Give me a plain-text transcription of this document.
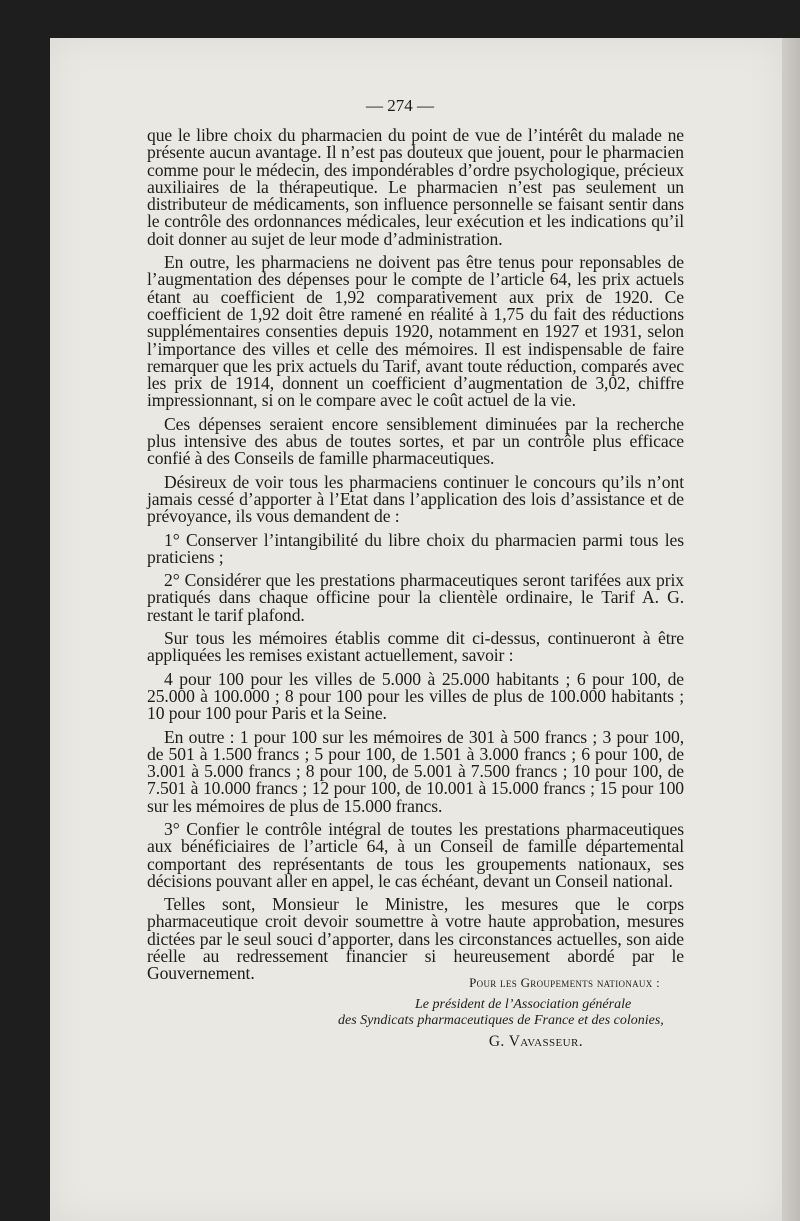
— 274 —

que le libre choix du pharmacien du point de vue de l’intérêt du malade ne présente aucun avantage. Il n’est pas douteux que jouent, pour le pharmacien comme pour le médecin, des impondérables d’ordre psychologique, précieux auxiliaires de la thérapeutique. Le pharmacien n’est pas seulement un distributeur de médicaments, son influence personnelle se faisant sentir dans le contrôle des ordonnances médicales, leur exécution et les indications qu’il doit donner au sujet de leur mode d’administration.

En outre, les pharmaciens ne doivent pas être tenus pour reponsables de l’augmentation des dépenses pour le compte de l’article 64, les prix actuels étant au coefficient de 1,92 comparativement aux prix de 1920. Ce coefficient de 1,92 doit être ramené en réalité à 1,75 du fait des réductions supplémentaires consenties depuis 1920, notamment en 1927 et 1931, selon l’importance des villes et celle des mémoires. Il est indispensable de faire remarquer que les prix actuels du Tarif, avant toute réduction, comparés avec les prix de 1914, donnent un coefficient d’augmentation de 3,02, chiffre impressionnant, si on le compare avec le coût actuel de la vie.

Ces dépenses seraient encore sensiblement diminuées par la recherche plus intensive des abus de toutes sortes, et par un contrôle plus efficace confié à des Conseils de famille pharmaceutiques.

Désireux de voir tous les pharmaciens continuer le concours qu’ils n’ont jamais cessé d’apporter à l’Etat dans l’application des lois d’assistance et de prévoyance, ils vous demandent de :

1° Conserver l’intangibilité du libre choix du pharmacien parmi tous les praticiens ;

2° Considérer que les prestations pharmaceutiques seront tarifées aux prix pratiqués dans chaque officine pour la clientèle ordinaire, le Tarif A. G. restant le tarif plafond.

Sur tous les mémoires établis comme dit ci-dessus, continueront à être appliquées les remises existant actuellement, savoir :

4 pour 100 pour les villes de 5.000 à 25.000 habitants ; 6 pour 100, de 25.000 à 100.000 ; 8 pour 100 pour les villes de plus de 100.000 habitants ; 10 pour 100 pour Paris et la Seine.

En outre : 1 pour 100 sur les mémoires de 301 à 500 francs ; 3 pour 100, de 501 à 1.500 francs ; 5 pour 100, de 1.501 à 3.000 francs ; 6 pour 100, de 3.001 à 5.000 francs ; 8 pour 100, de 5.001 à 7.500 francs ; 10 pour 100, de 7.501 à 10.000 francs ; 12 pour 100, de 10.001 à 15.000 francs ; 15 pour 100 sur les mémoires de plus de 15.000 francs.

3° Confier le contrôle intégral de toutes les prestations pharmaceutiques aux bénéficiaires de l’article 64, à un Conseil de famille départemental comportant des représentants de tous les groupements nationaux, ses décisions pouvant aller en appel, le cas échéant, devant un Conseil national.

Telles sont, Monsieur le Ministre, les mesures que le corps pharmaceutique croit devoir soumettre à votre haute approbation, mesures dictées par le seul souci d’apporter, dans les circonstances actuelles, son aide réelle au redressement financier si heureusement abordé par le Gouvernement.	Pour les Groupements nationaux :
Le président de l’Association générale
des Syndicats pharmaceutiques de France et des colonies,
G. Vavasseur.
